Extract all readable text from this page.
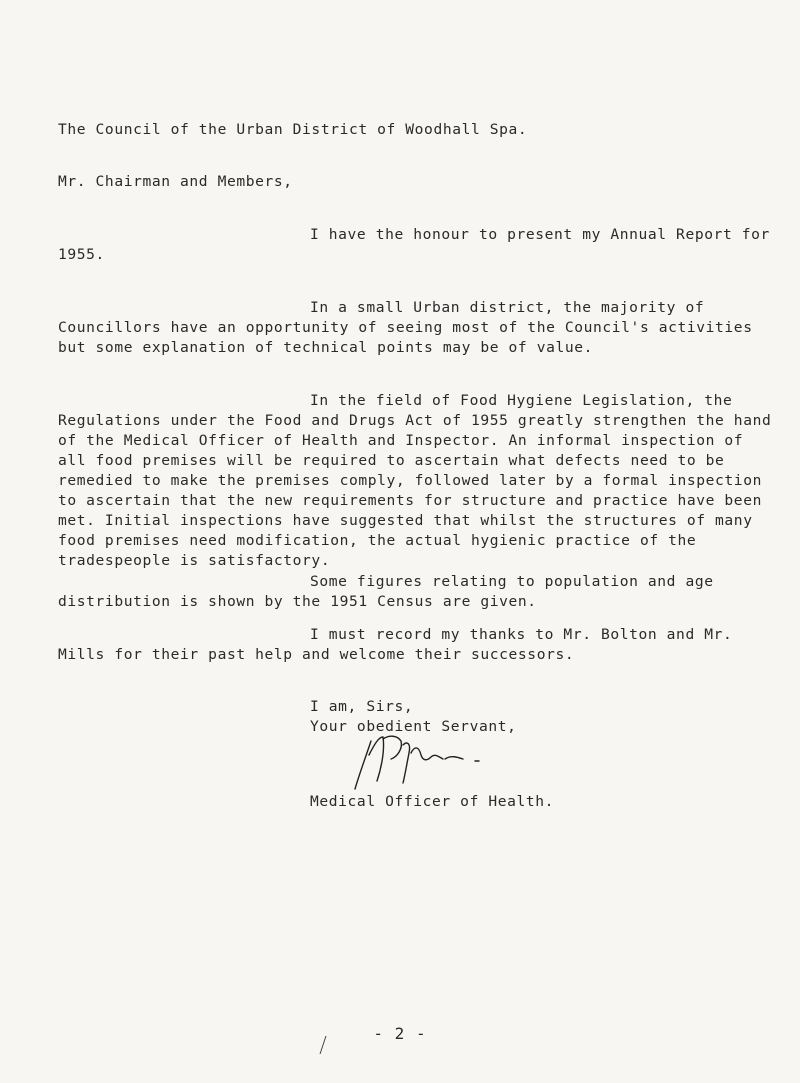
The Council of the Urban District of Woodhall Spa.
Mr. Chairman and Members,
I have the honour to present my Annual Report for 1955.
In a small Urban district, the majority of Councillors have an opportunity of seeing most of the Council's activities but some explanation of technical points may be of value.
In the field of Food Hygiene Legislation, the Regulations under the Food and Drugs Act of 1955 greatly strengthen the hand of the Medical Officer of Health and Inspector. An informal inspection of all food premises will be required to ascertain what defects need to be remedied to make the premises comply, followed later by a formal inspection to ascertain that the new requirements for structure and practice have been met. Initial inspections have suggested that whilst the structures of many food premises need modification, the actual hygienic practice of the tradespeople is satisfactory.
Some figures relating to population and age distribution is shown by the 1951 Census are given.
I must record my thanks to Mr. Bolton and Mr. Mills for their past help and welcome their successors.
I am, Sirs,
Your obedient Servant,
Medical Officer of Health.
- 2 -
